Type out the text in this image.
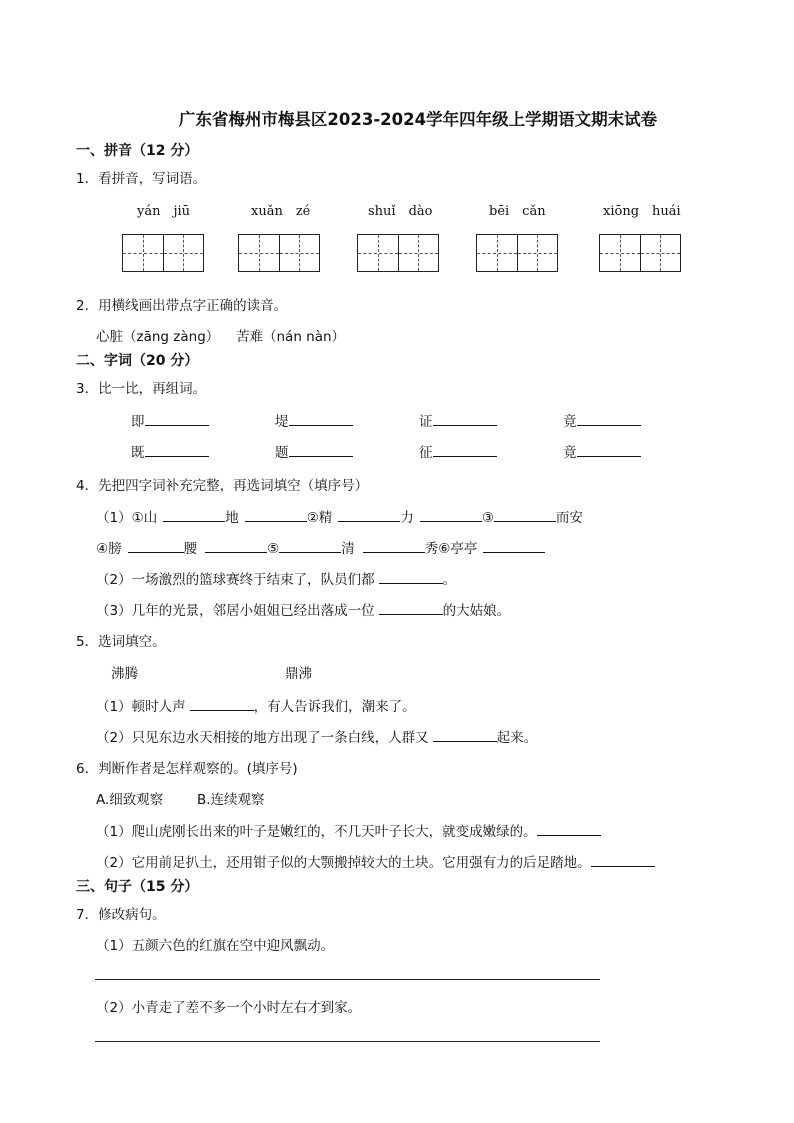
广东省梅州市梅县区2023-2024学年四年级上学期语文期末试卷
一、拼音（12 分）
1．看拼音，写词语。
yán　jiū	xuǎn　zé	shuǐ　dào	bēi　cǎn	xiōng　huái
2．用横线画出带点字正确的读音。
心脏（zāng zàng） 苦难（nán nàn）
二、字词（20 分）
3．比一比，再组词。
即	堤	证	竟
既	题	征	竟
4．先把四字词补充完整，再选词填空（填序号）
（1）①山	地	②精	力	③	而安
④膀	腰	⑤	清	秀⑥亭亭
（2）一场激烈的篮球赛终于结束了，队员们都	。
（3）几年的光景，邻居小姐姐已经出落成一位	的大姑娘。
5．选词填空。
沸腾	鼎沸
（1）顿时人声	，有人告诉我们，潮来了。
（2）只见东边水天相接的地方出现了一条白线，人群又	起来。
6．判断作者是怎样观察的。(填序号)
A.细致观察 B.连续观察
（1）爬山虎刚长出来的叶子是嫩红的，不几天叶子长大，就变成嫩绿的。
（2）它用前足扒土，还用钳子似的大颚搬掉较大的土块。它用强有力的后足踏地。
三、句子（15 分）
7．修改病句。
（1）五颜六色的红旗在空中迎风飘动。
（2）小青走了差不多一个小时左右才到家。
